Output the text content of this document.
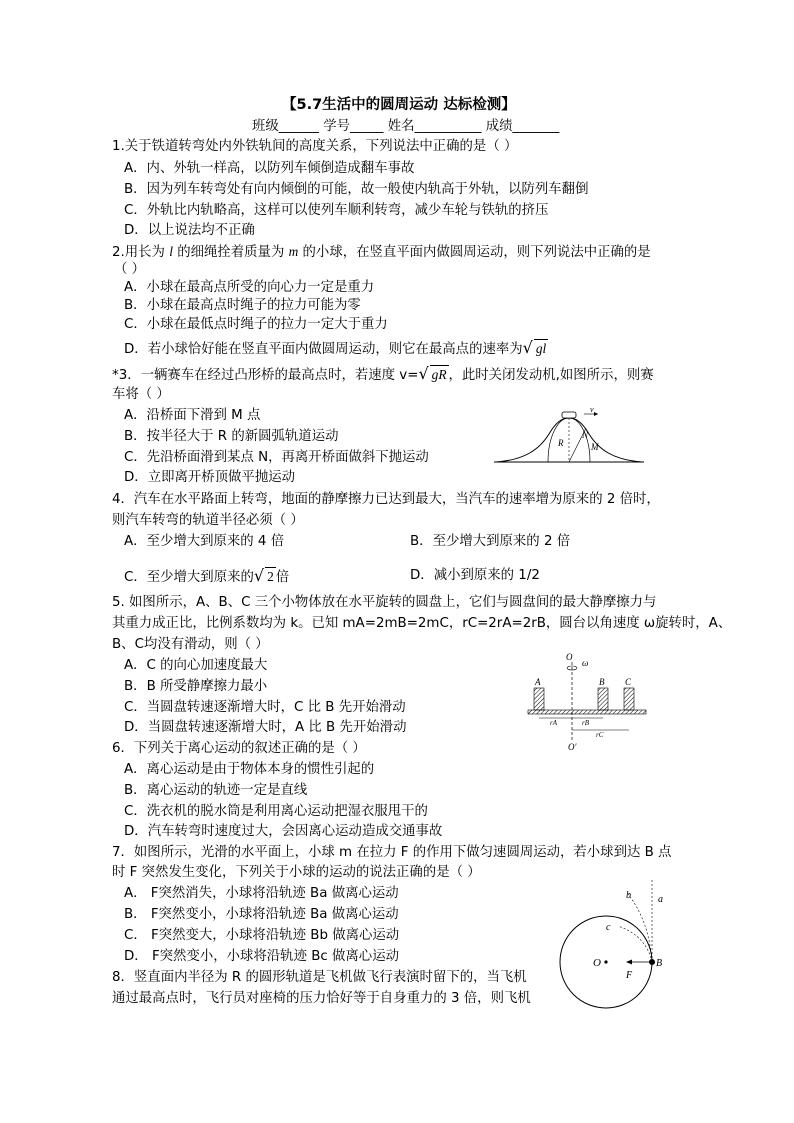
【5.7生活中的圆周运动 达标检测】
班级______ 学号_____ 姓名__________ 成绩_______
1.关于铁道转弯处内外铁轨间的高度关系，下列说法中正确的是（ ）
A．内、外轨一样高，以防列车倾倒造成翻车事故
B．因为列车转弯处有向内倾倒的可能，故一般使内轨高于外轨，以防列车翻倒
C．外轨比内轨略高，这样可以使列车顺利转弯，减少车轮与铁轨的挤压
D．以上说法均不正确
2.用长为 l 的细绳拴着质量为 m 的小球，在竖直平面内做圆周运动，则下列说法中正确的是
（ ）
A．小球在最高点所受的向心力一定是重力
B．小球在最高点时绳子的拉力可能为零
C．小球在最低点时绳子的拉力一定大于重力
D．若小球恰好能在竖直平面内做圆周运动，则它在最高点的速率为√ gl
*3．一辆赛车在经过凸形桥的最高点时，若速度 v=√ gR ，此时关闭发动机,如图所示，则赛
车将（ ）
A．沿桥面下滑到 M 点
B．按半径大于 R 的新圆弧轨道运动
C．先沿桥面滑到某点 N，再离开桥面做斜下抛运动
D．立即离开桥顶做平抛运动
v
R
N
M
4．汽车在水平路面上转弯，地面的静摩擦力已达到最大，当汽车的速率增为原来的 2 倍时，
则汽车转弯的轨道半径必须（ ）
A．至少增大到原来的 4 倍	B．至少增大到原来的 2 倍
C．至少增大到原来的√ 2 倍	D．减小到原来的 1/2
5. 如图所示，A、B、C 三个小物体放在水平旋转的圆盘上，它们与圆盘间的最大静摩擦力与
其重力成正比，比例系数均为 k。已知 mA=2mB=2mC，rC=2rA=2rB，圆台以角速度 ω旋转时，A、
B、C均没有滑动，则（ ）
A．C 的向心加速度最大
B．B 所受静摩擦力最小
C．当圆盘转速逐渐增大时，C 比 B 先开始滑动
D．当圆盘转速逐渐增大时，A 比 B 先开始滑动
O
ω
A	B C
rA	rB
rC
O′
6．下列关于离心运动的叙述正确的是（ ）
A．离心运动是由于物体本身的惯性引起的
B．离心运动的轨迹一定是直线
C．洗衣机的脱水筒是利用离心运动把湿衣服甩干的
D．汽车转弯时速度过大，会因离心运动造成交通事故
7．如图所示，光滑的水平面上，小球 m 在拉力 F 的作用下做匀速圆周运动，若小球到达 B 点
时 F 突然发生变化，下列关于小球的运动的说法正确的是（ ）
A． F突然消失，小球将沿轨迹 Ba 做离心运动
B． F突然变小，小球将沿轨迹 Ba 做离心运动
C． F突然变大，小球将沿轨迹 Bb 做离心运动
D． F突然变小，小球将沿轨迹 Bc 做离心运动
a
b
c
O
F
B
8．竖直面内半径为 R 的圆形轨道是飞机做飞行表演时留下的，当飞机
通过最高点时，飞行员对座椅的压力恰好等于自身重力的 3 倍，则飞机
